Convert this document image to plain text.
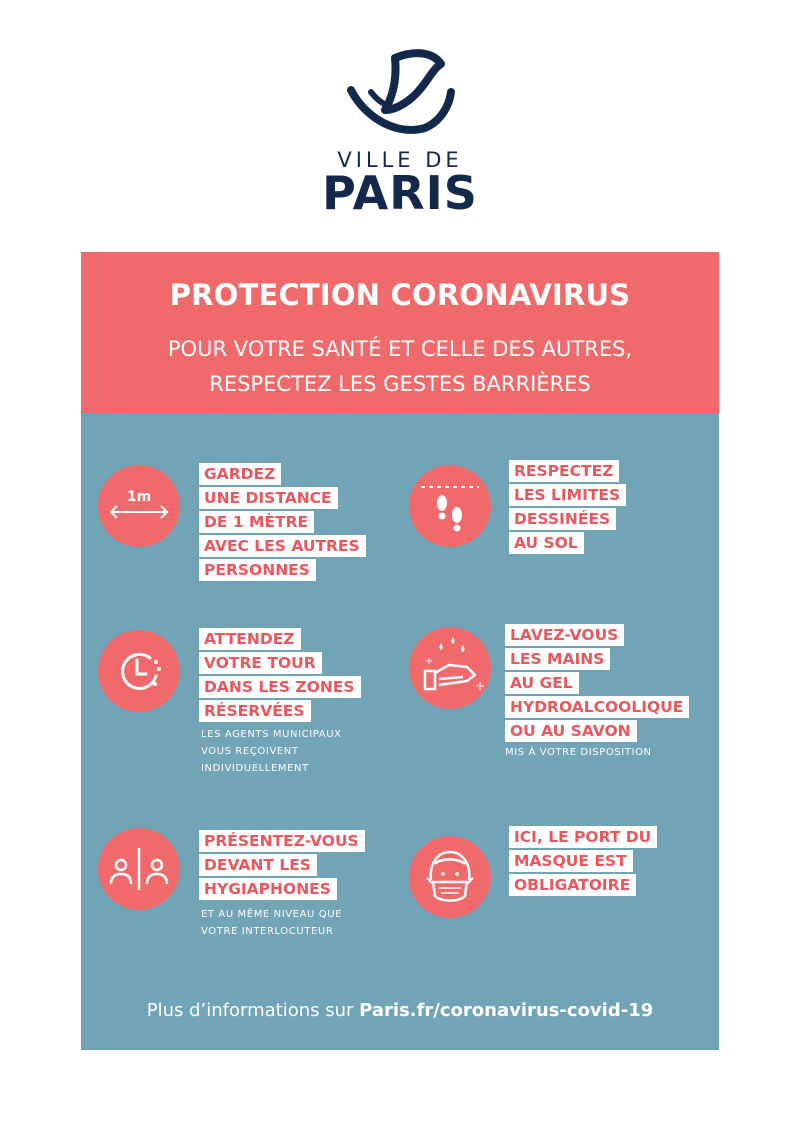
VILLE DE
PARIS
PROTECTION CORONAVIRUS
POUR VOTRE SANTÉ ET CELLE DES AUTRES,
RESPECTEZ LES GESTES BARRIÈRES
1m
GARDEZ
UNE DISTANCE
DE 1 MÈTRE
AVEC LES AUTRES
PERSONNES
RESPECTEZ
LES LIMITES
DESSINÉES
AU SOL
ATTENDEZ
VOTRE TOUR
DANS LES ZONES
RÉSERVÉES
LES AGENTS MUNICIPAUX
VOUS REÇOIVENT
INDIVIDUELLEMENT
+
+
LAVEZ-VOUS
LES MAINS
AU GEL
HYDROALCOOLIQUE
OU AU SAVON
MIS À VOTRE DISPOSITION
PRÉSENTEZ-VOUS
DEVANT LES
HYGIAPHONES
ET AU MÊME NIVEAU QUE
VOTRE INTERLOCUTEUR
ICI, LE PORT DU
MASQUE EST
OBLIGATOIRE
Plus d’informations sur Paris.fr/coronavirus-covid-19
